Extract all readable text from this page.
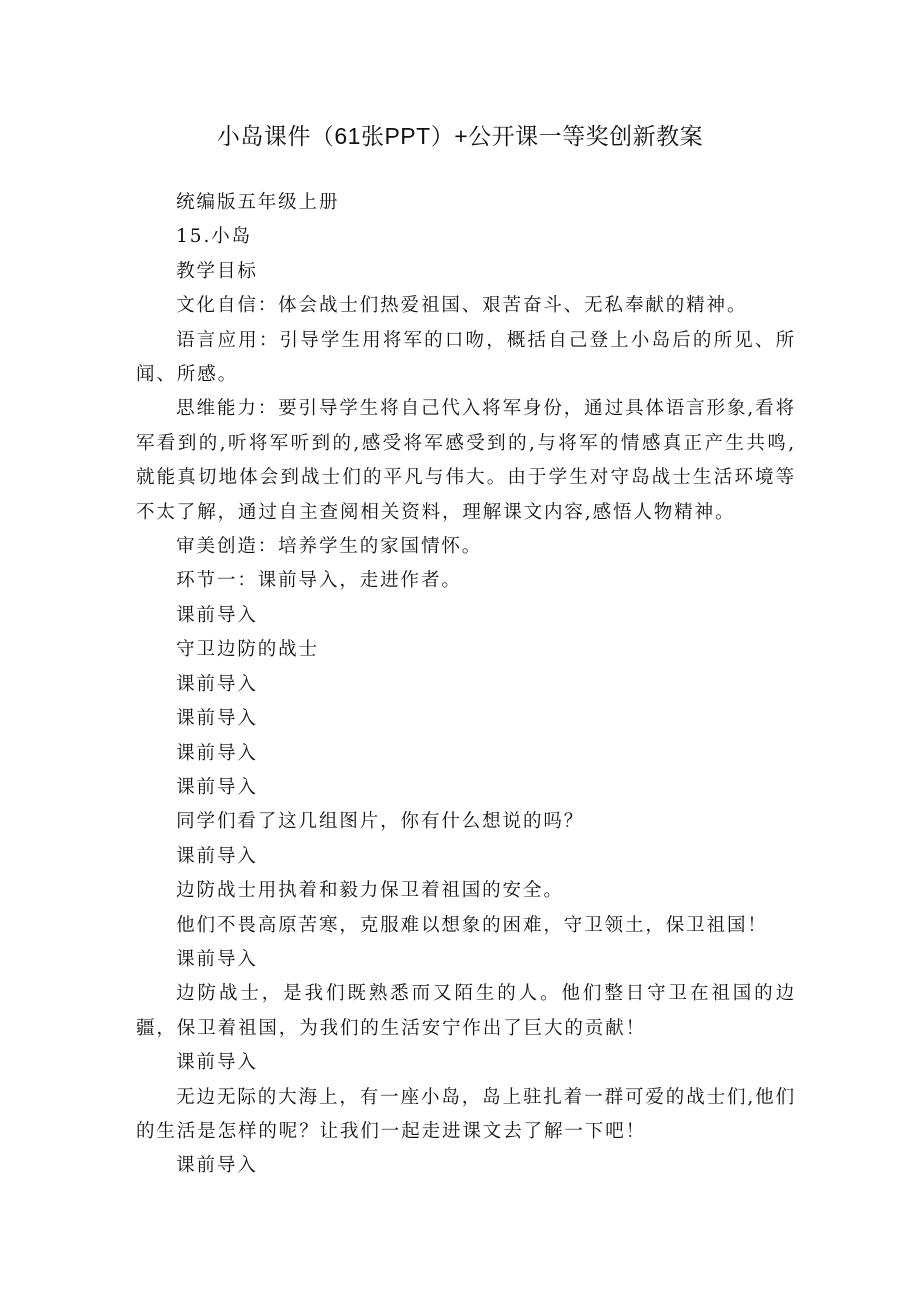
小岛课件（61张PPT）+公开课一等奖创新教案

统编版五年级上册

15.小岛

教学目标

文化自信：体会战士们热爱祖国、艰苦奋斗、无私奉献的精神。

语言应用：引导学生用将军的口吻，概括自己登上小岛后的所见、所闻、所感。

思维能力：要引导学生将自己代入将军身份，通过具体语言形象,看将军看到的,听将军听到的,感受将军感受到的,与将军的情感真正产生共鸣,就能真切地体会到战士们的平凡与伟大。由于学生对守岛战士生活环境等不太了解，通过自主查阅相关资料，理解课文内容,感悟人物精神。

审美创造：培养学生的家国情怀。

环节一：课前导入，走进作者。

课前导入

守卫边防的战士

课前导入

课前导入

课前导入

课前导入

同学们看了这几组图片，你有什么想说的吗？

课前导入

边防战士用执着和毅力保卫着祖国的安全。

他们不畏高原苦寒，克服难以想象的困难，守卫领土，保卫祖国！

课前导入

边防战士，是我们既熟悉而又陌生的人。他们整日守卫在祖国的边疆，保卫着祖国，为我们的生活安宁作出了巨大的贡献！

课前导入

无边无际的大海上，有一座小岛，岛上驻扎着一群可爱的战士们,他们的生活是怎样的呢？让我们一起走进课文去了解一下吧！

课前导入
